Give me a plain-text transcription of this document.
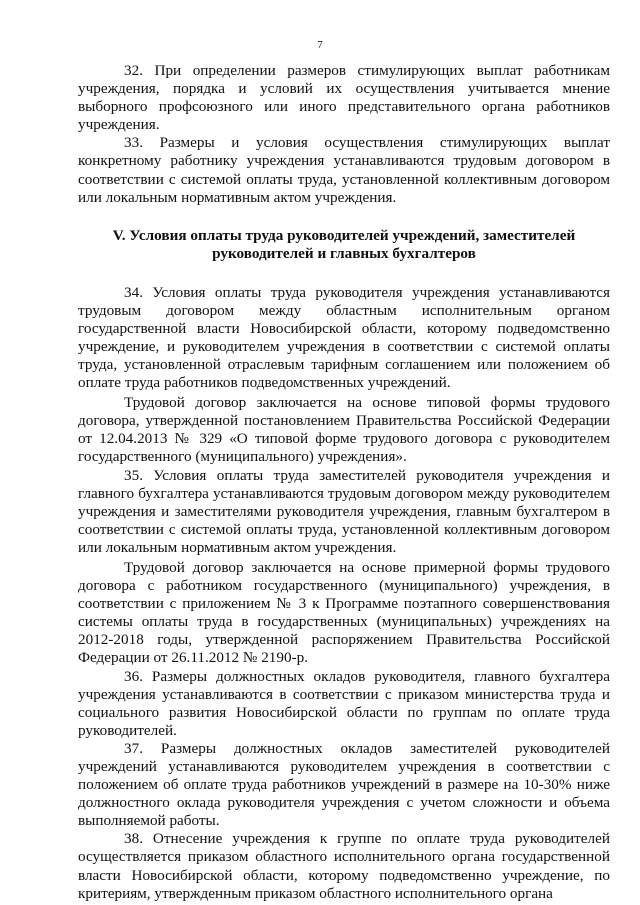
7

32. При определении размеров стимулирующих выплат работникам учреждения, порядка и условий их осуществления учитывается мнение выборного профсоюзного или иного представительного органа работников учреждения.

33. Размеры и условия осуществления стимулирующих выплат конкретному работнику учреждения устанавливаются трудовым договором в соответствии с системой оплаты труда, установленной коллективным договором или локальным нормативным актом учреждения.

V. Условия оплаты труда руководителей учреждений, заместителей
руководителей и главных бухгалтеров

34. Условия оплаты труда руководителя учреждения устанавливаются трудовым договором между областным исполнительным органом государственной власти Новосибирской области, которому подведомственно учреждение, и руководителем учреждения в соответствии с системой оплаты труда, установленной отраслевым тарифным соглашением или положением об оплате труда работников подведомственных учреждений.

Трудовой договор заключается на основе типовой формы трудового договора, утвержденной постановлением Правительства Российской Федерации от 12.04.2013 № 329 «О типовой форме трудового договора с руководителем государственного (муниципального) учреждения».

35. Условия оплаты труда заместителей руководителя учреждения и главного бухгалтера устанавливаются трудовым договором между руководителем учреждения и заместителями руководителя учреждения, главным бухгалтером в соответствии с системой оплаты труда, установленной коллективным договором или локальным нормативным актом учреждения.

Трудовой договор заключается на основе примерной формы трудового договора с работником государственного (муниципального) учреждения, в соответствии с приложением № 3 к Программе поэтапного совершенствования системы оплаты труда в государственных (муниципальных) учреждениях на 2012-2018 годы, утвержденной распоряжением Правительства Российской Федерации от 26.11.2012 № 2190-р.

36. Размеры должностных окладов руководителя, главного бухгалтера учреждения устанавливаются в соответствии с приказом министерства труда и социального развития Новосибирской области по группам по оплате труда руководителей.

37. Размеры должностных окладов заместителей руководителей учреждений устанавливаются руководителем учреждения в соответствии с положением об оплате труда работников учреждений в размере на 10-30% ниже должностного оклада руководителя учреждения с учетом сложности и объема выполняемой работы.

38. Отнесение учреждения к группе по оплате труда руководителей осуществляется приказом областного исполнительного органа государственной власти Новосибирской области, которому подведомственно учреждение, по критериям, утвержденным приказом областного исполнительного органа
